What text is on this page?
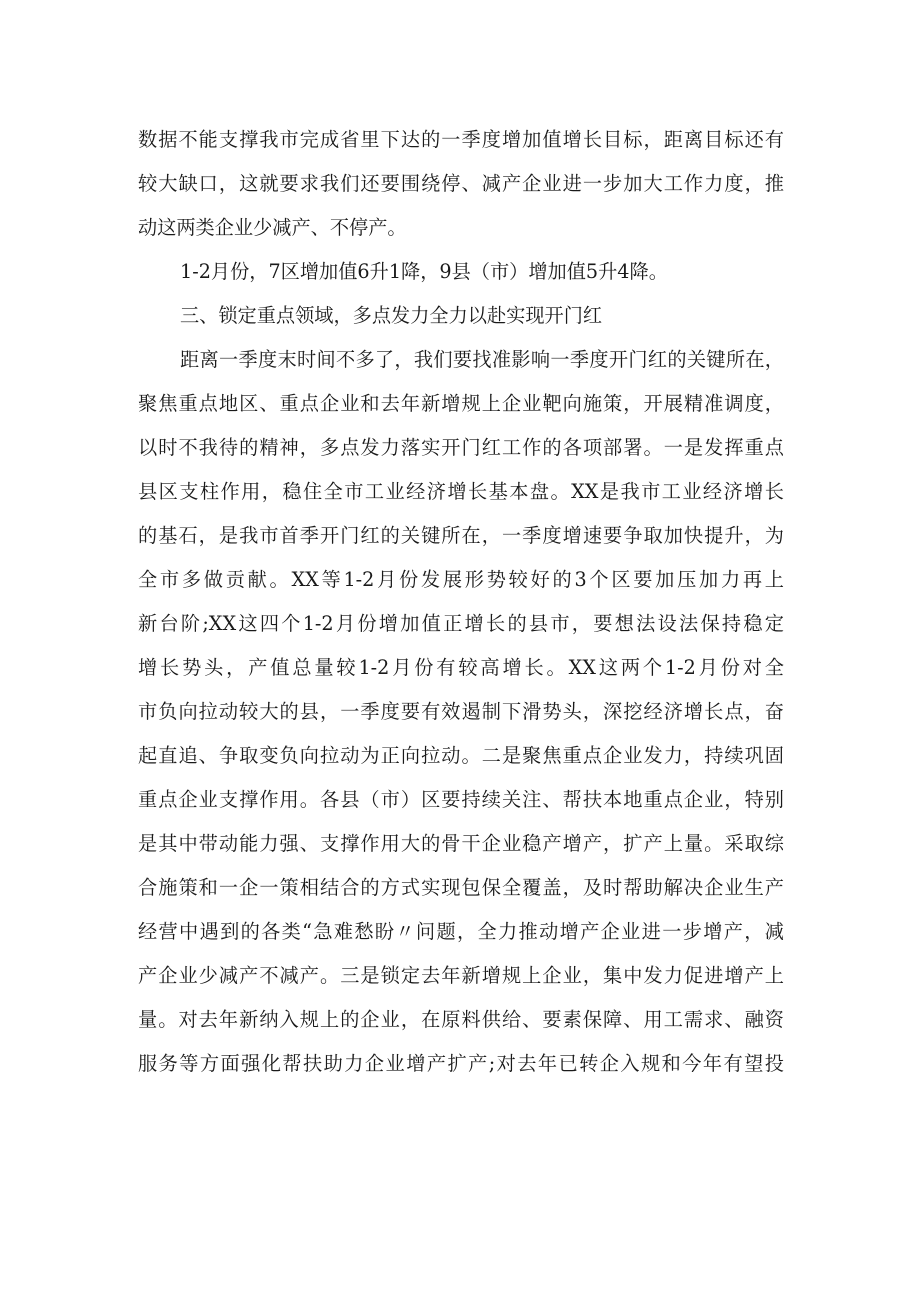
数据不能支撑我市完成省里下达的一季度增加值增长目标，距离目标还有
较大缺口，这就要求我们还要围绕停、减产企业进一步加大工作力度，推
动这两类企业少减产、不停产。
1-2月份，7区增加值6升1降，9县（市）增加值5升4降。
三、锁定重点领域，多点发力全力以赴实现开门红
距离一季度末时间不多了，我们要找准影响一季度开门红的关键所在，
聚焦重点地区、重点企业和去年新增规上企业靶向施策，开展精准调度，
以时不我待的精神，多点发力落实开门红工作的各项部署。一是发挥重点
县区支柱作用，稳住全市工业经济增长基本盘。XX是我市工业经济增长
的基石，是我市首季开门红的关键所在，一季度增速要争取加快提升，为
全市多做贡献。XX等1-2月份发展形势较好的3个区要加压加力再上
新台阶;XX这四个1-2月份增加值正增长的县市，要想法设法保持稳定
增长势头，产值总量较1-2月份有较高增长。XX这两个1-2月份对全
市负向拉动较大的县，一季度要有效遏制下滑势头，深挖经济增长点，奋
起直追、争取变负向拉动为正向拉动。二是聚焦重点企业发力，持续巩固
重点企业支撑作用。各县（市）区要持续关注、帮扶本地重点企业，特别
是其中带动能力强、支撑作用大的骨干企业稳产增产，扩产上量。采取综
合施策和一企一策相结合的方式实现包保全覆盖，及时帮助解决企业生产
经营中遇到的各类“急难愁盼〃问题，全力推动增产企业进一步增产，减
产企业少减产不减产。三是锁定去年新增规上企业，集中发力促进增产上
量。对去年新纳入规上的企业，在原料供给、要素保障、用工需求、融资
服务等方面强化帮扶助力企业增产扩产;对去年已转企入规和今年有望投
